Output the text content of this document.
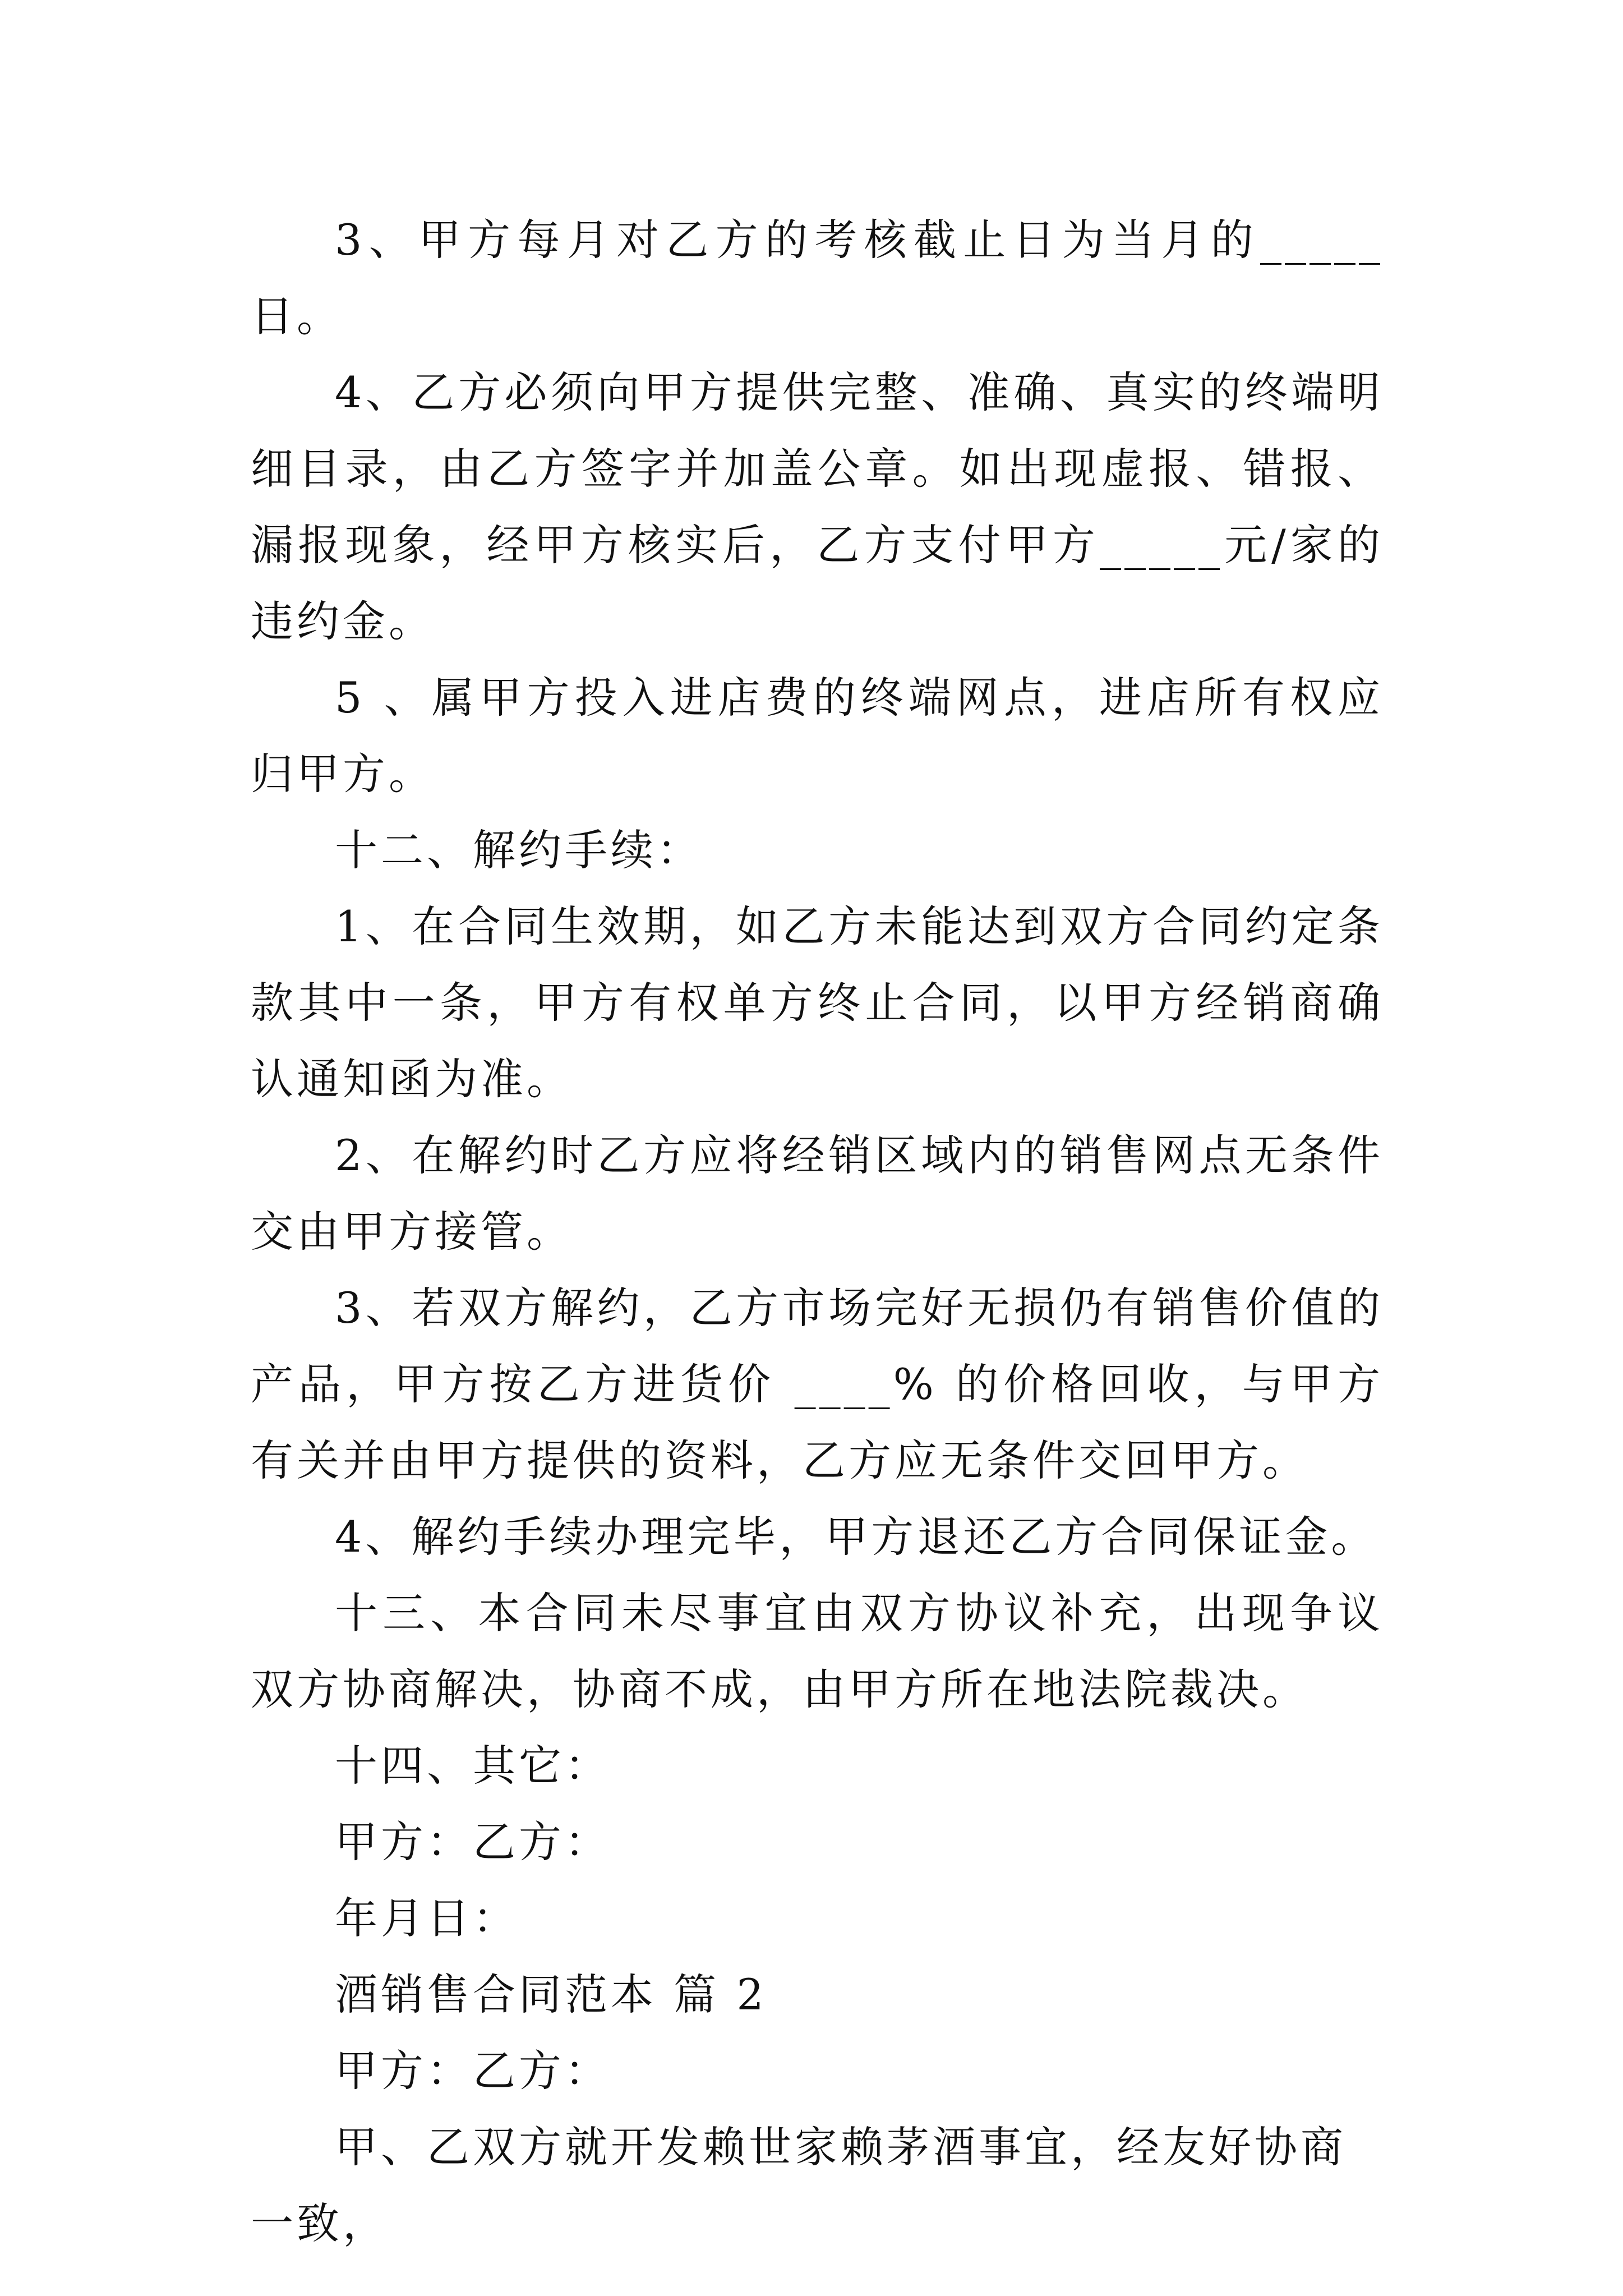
3、甲方每月对乙方的考核截止日为当月的_____ 日。

4、乙方必须向甲方提供完整、准确、真实的终端明细目录，由乙方签字并加盖公章。如出现虚报、错报、漏报现象，经甲方核实后，乙方支付甲方_____元/家的违约金。

5 、属甲方投入进店费的终端网点，进店所有权应归甲方。

十二、解约手续：

1、在合同生效期，如乙方未能达到双方合同约定条款其中一条，甲方有权单方终止合同，以甲方经销商确认通知函为准。

2、在解约时乙方应将经销区域内的销售网点无条件交由甲方接管。

3、若双方解约，乙方市场完好无损仍有销售价值的产品，甲方按乙方进货价 ____% 的价格回收，与甲方有关并由甲方提供的资料，乙方应无条件交回甲方。

4、解约手续办理完毕，甲方退还乙方合同保证金。

十三、本合同未尽事宜由双方协议补充，出现争议双方协商解决，协商不成，由甲方所在地法院裁决。

十四、其它：

甲方：乙方：

年月日：

酒销售合同范本 篇 2

甲方：乙方：

甲、乙双方就开发赖世家赖茅酒事宜，经友好协商一致，
